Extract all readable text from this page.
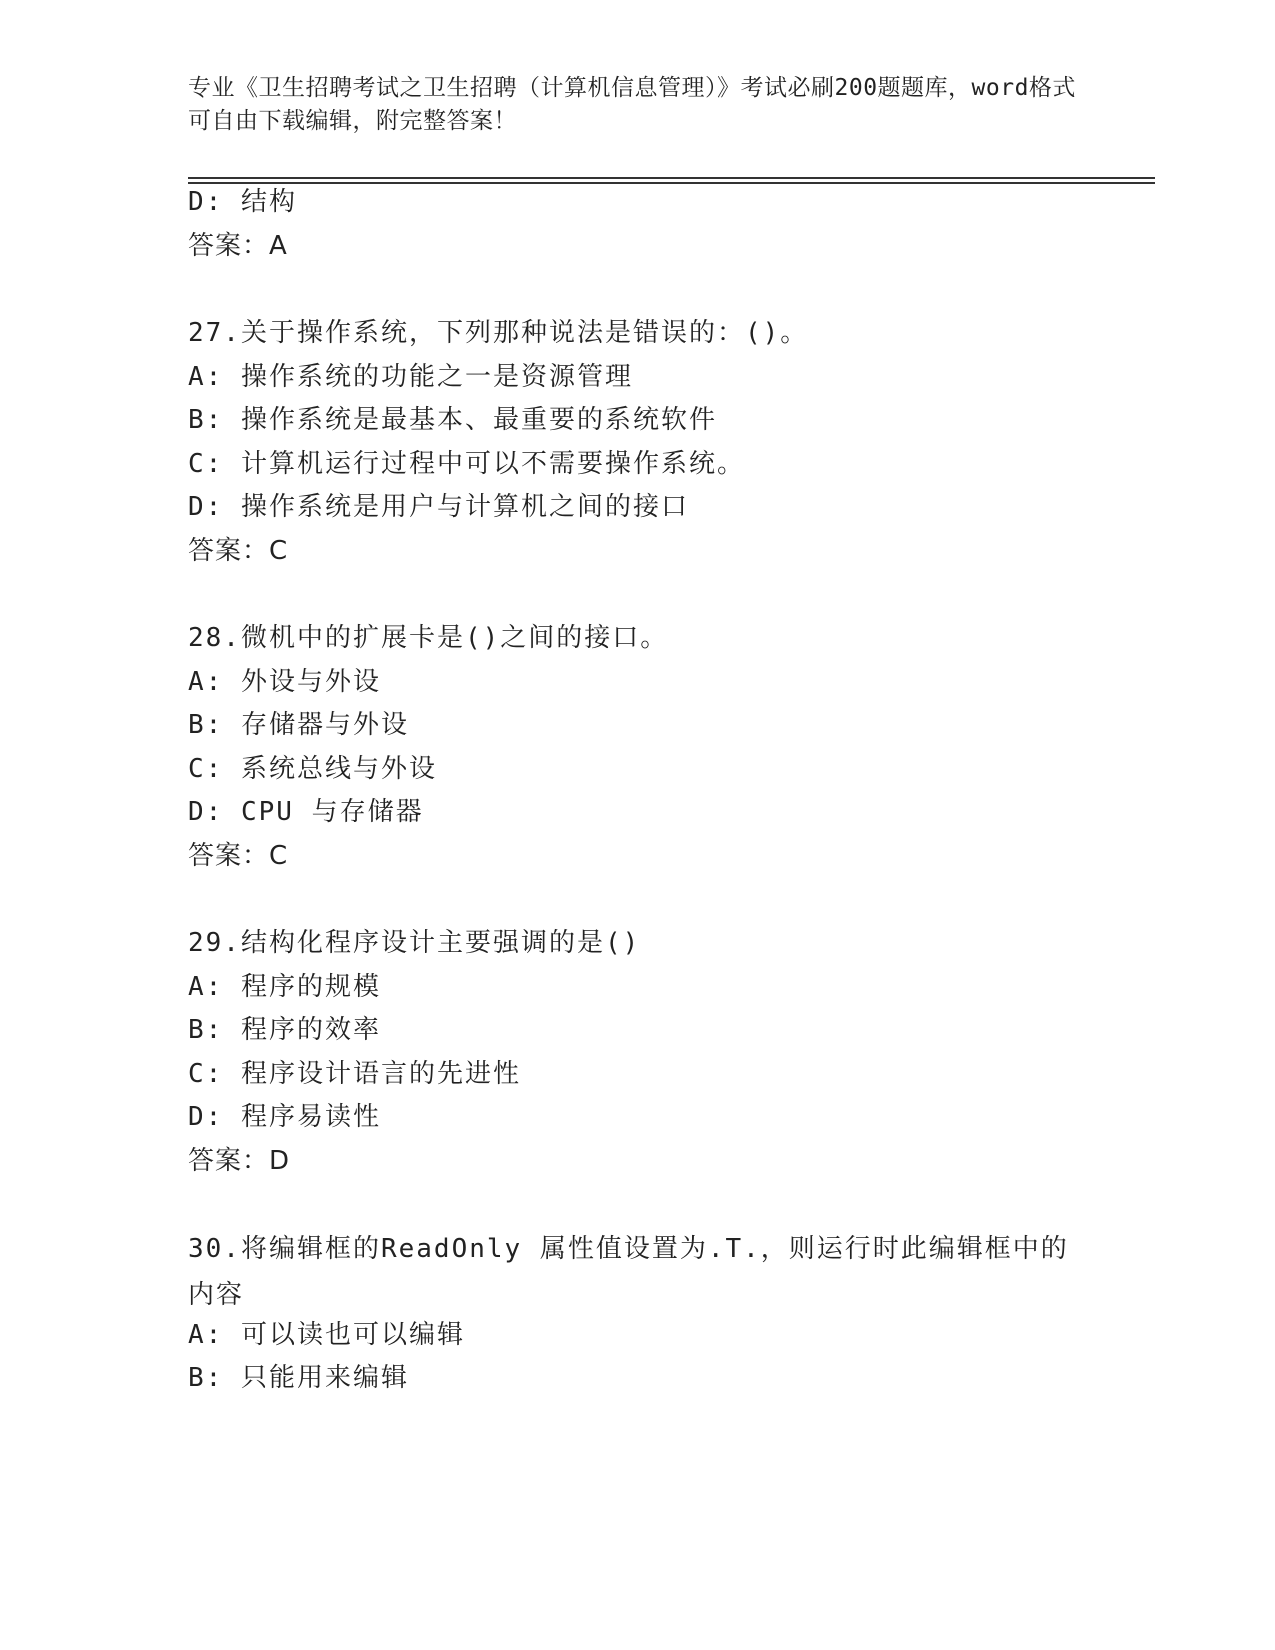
专业《卫生招聘考试之卫生招聘（计算机信息管理）》考试必刷200题题库，word格式可自由下载编辑，附完整答案！
D: 结构
答案：A
27.关于操作系统，下列那种说法是错误的：()。
A: 操作系统的功能之一是资源管理
B: 操作系统是最基本、最重要的系统软件
C: 计算机运行过程中可以不需要操作系统。
D: 操作系统是用户与计算机之间的接口
答案：C
28.微机中的扩展卡是()之间的接口。
A: 外设与外设
B: 存储器与外设
C: 系统总线与外设
D: CPU 与存储器
答案：C
29.结构化程序设计主要强调的是()
A: 程序的规模
B: 程序的效率
C: 程序设计语言的先进性
D: 程序易读性
答案：D
30.将编辑框的ReadOnly 属性值设置为.T.，则运行时此编辑框中的内容
A: 可以读也可以编辑
B: 只能用来编辑
